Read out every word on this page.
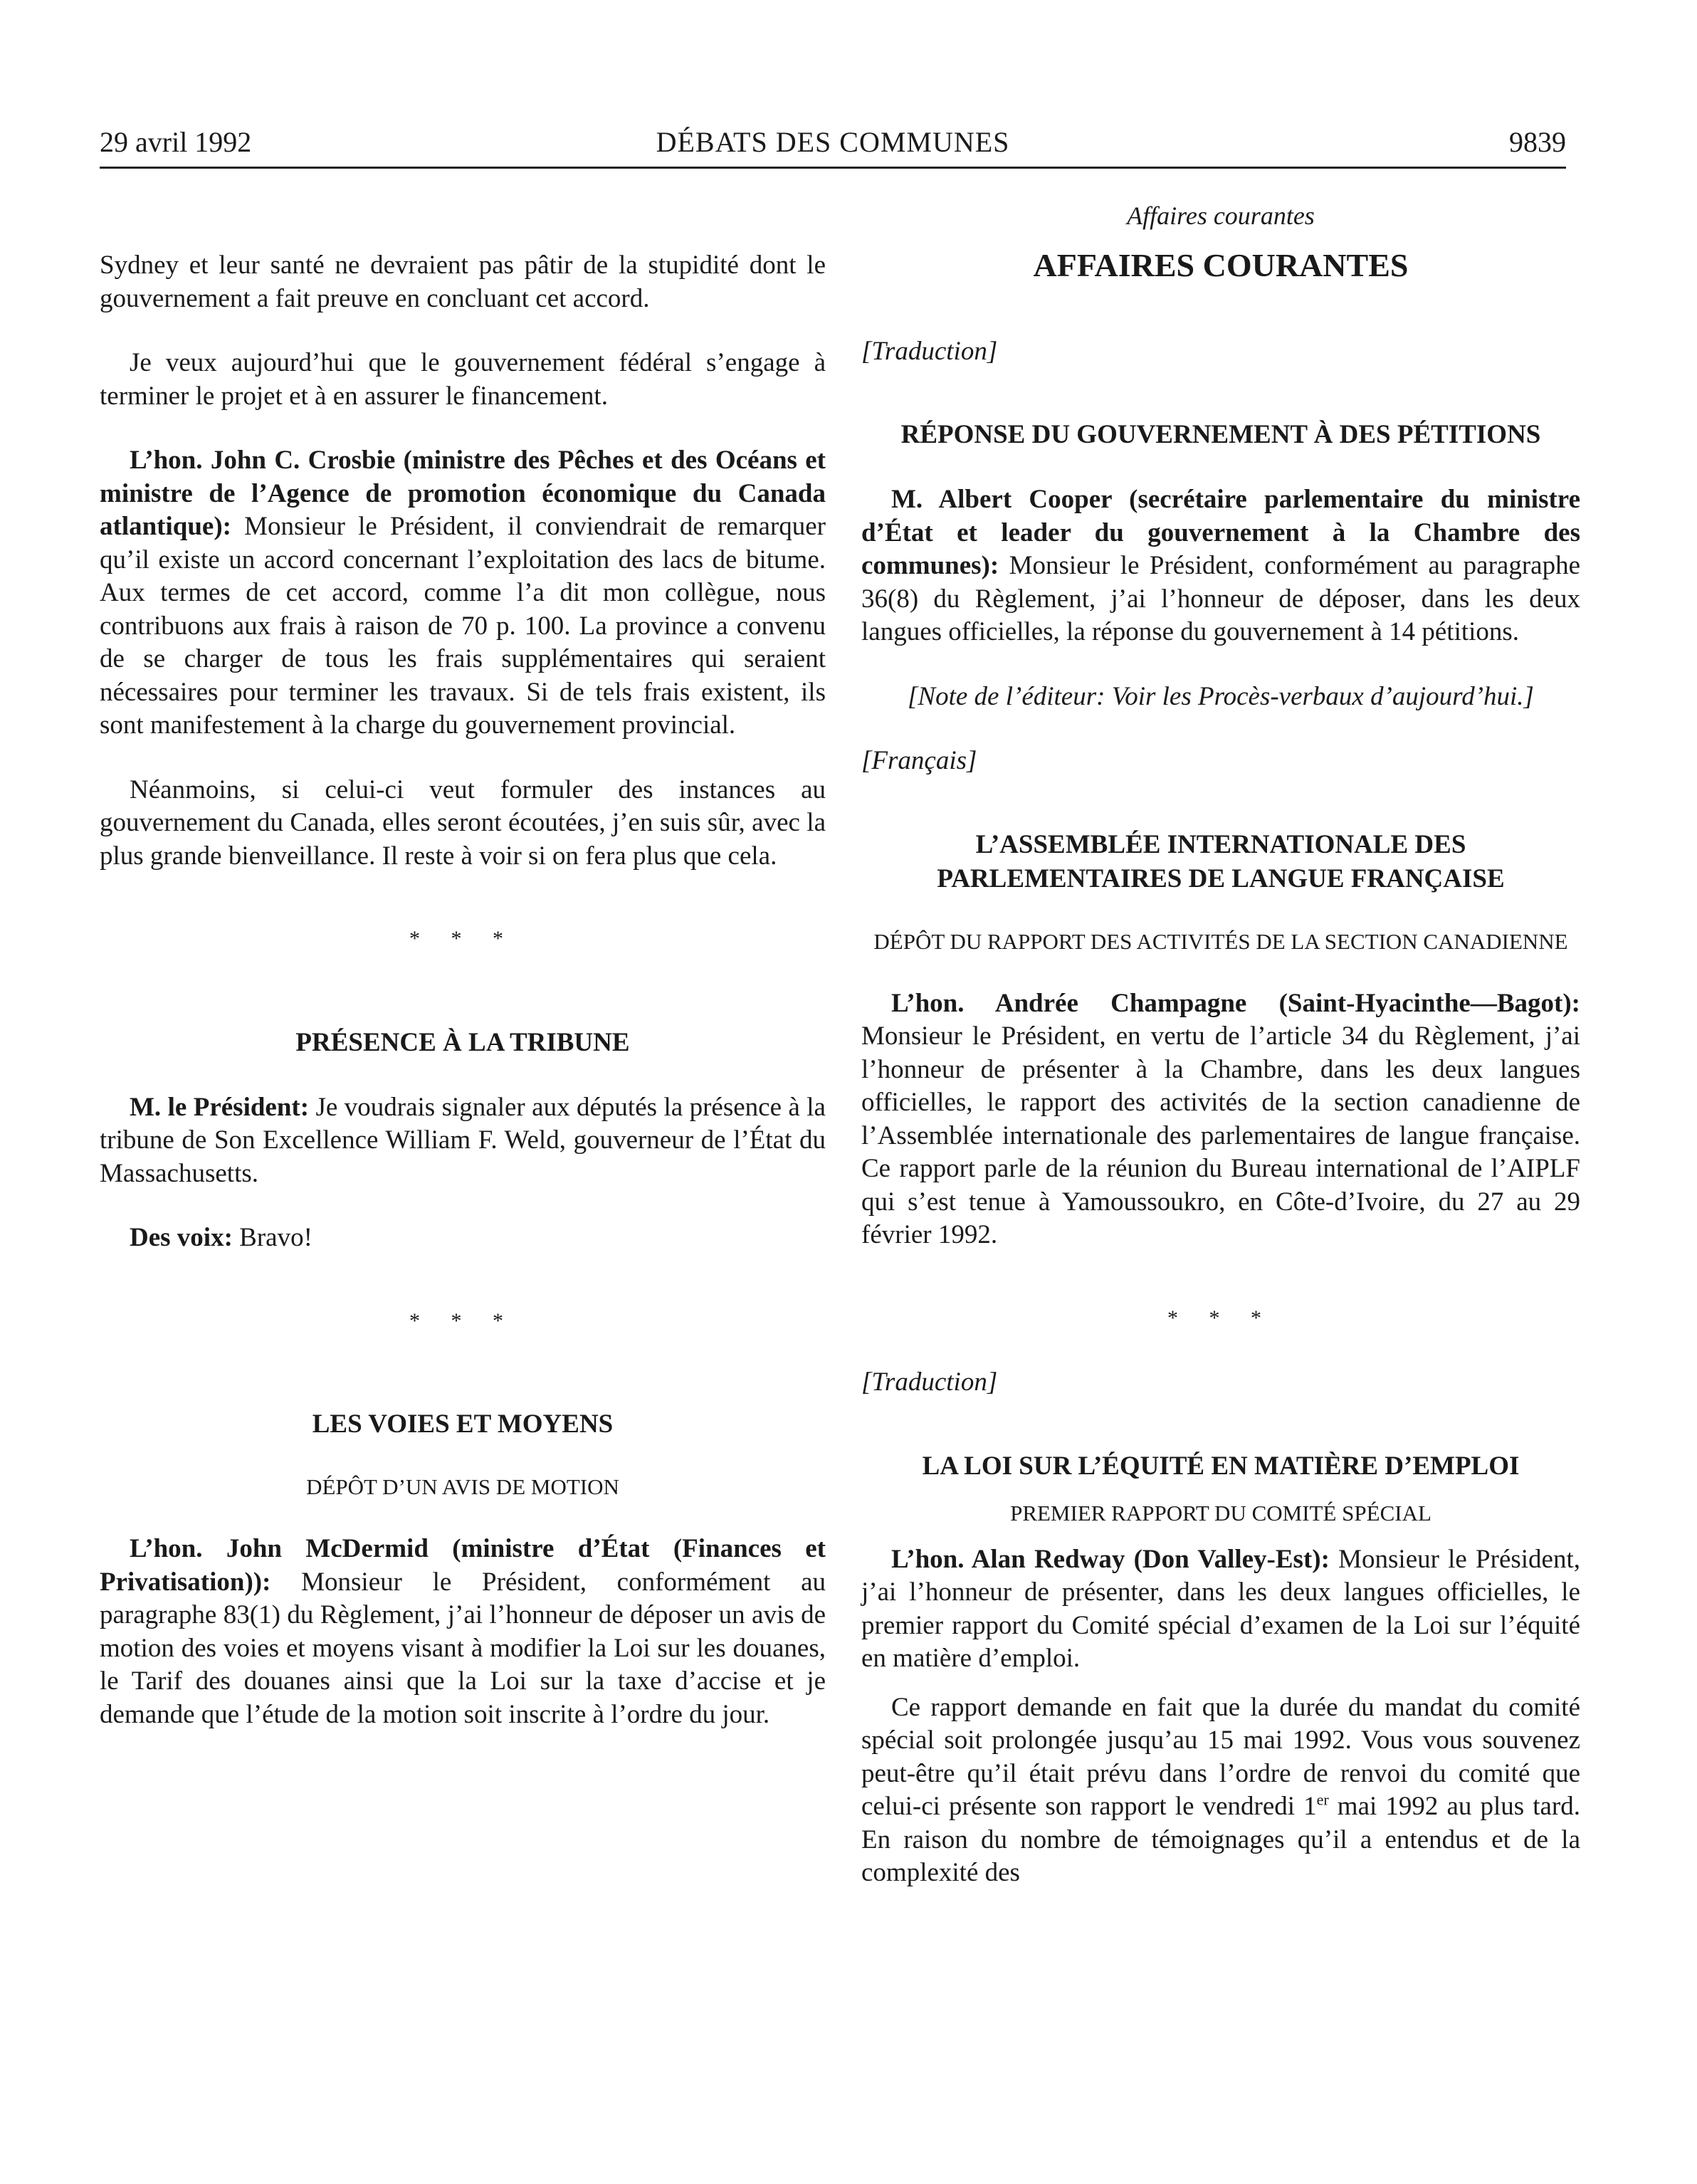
29 avril 1992	DÉBATS DES COMMUNES	9839

Sydney et leur santé ne devraient pas pâtir de la stupidité dont le gouvernement a fait preuve en concluant cet accord.

Je veux aujourd’hui que le gouvernement fédéral s’engage à terminer le projet et à en assurer le financement.

L’hon. John C. Crosbie (ministre des Pêches et des Océans et ministre de l’Agence de promotion économique du Canada atlantique): Monsieur le Président, il conviendrait de remarquer qu’il existe un accord concernant l’exploitation des lacs de bitume. Aux termes de cet accord, comme l’a dit mon collègue, nous contribuons aux frais à raison de 70 p. 100. La province a convenu de se charger de tous les frais supplémentaires qui seraient nécessaires pour terminer les travaux. Si de tels frais existent, ils sont manifestement à la charge du gouvernement provincial.

Néanmoins, si celui-ci veut formuler des instances au gouvernement du Canada, elles seront écoutées, j’en suis sûr, avec la plus grande bienveillance. Il reste à voir si on fera plus que cela.

* * *
PRÉSENCE À LA TRIBUNE

M. le Président: Je voudrais signaler aux députés la présence à la tribune de Son Excellence William F. Weld, gouverneur de l’État du Massachusetts.

Des voix: Bravo!

* * *
LES VOIES ET MOYENS
DÉPÔT D’UN AVIS DE MOTION

L’hon. John McDermid (ministre d’État (Finances et Privatisation)): Monsieur le Président, conformément au paragraphe 83(1) du Règlement, j’ai l’honneur de déposer un avis de motion des voies et moyens visant à modifier la Loi sur les douanes, le Tarif des douanes ainsi que la Loi sur la taxe d’accise et je demande que l’étude de la motion soit inscrite à l’ordre du jour.

Affaires courantes
AFFAIRES COURANTES

[Traduction]

RÉPONSE DU GOUVERNEMENT À DES PÉTITIONS

M. Albert Cooper (secrétaire parlementaire du ministre d’État et leader du gouvernement à la Chambre des communes): Monsieur le Président, conformément au paragraphe 36(8) du Règlement, j’ai l’honneur de déposer, dans les deux langues officielles, la réponse du gouvernement à 14 pétitions.

[Note de l’éditeur: Voir les Procès-verbaux d’aujourd’hui.]

[Français]

L’ASSEMBLÉE INTERNATIONALE DES PARLEMENTAIRES DE LANGUE FRANÇAISE
DÉPÔT DU RAPPORT DES ACTIVITÉS DE LA SECTION CANADIENNE

L’hon. Andrée Champagne (Saint-Hyacinthe—Bagot): Monsieur le Président, en vertu de l’article 34 du Règlement, j’ai l’honneur de présenter à la Chambre, dans les deux langues officielles, le rapport des activités de la section canadienne de l’Assemblée internationale des parlementaires de langue française. Ce rapport parle de la réunion du Bureau international de l’AIPLF qui s’est tenue à Yamoussoukro, en Côte-d’Ivoire, du 27 au 29 février 1992.

* * *

[Traduction]

LA LOI SUR L’ÉQUITÉ EN MATIÈRE D’EMPLOI
PREMIER RAPPORT DU COMITÉ SPÉCIAL

L’hon. Alan Redway (Don Valley-Est): Monsieur le Président, j’ai l’honneur de présenter, dans les deux langues officielles, le premier rapport du Comité spécial d’examen de la Loi sur l’équité en matière d’emploi.

Ce rapport demande en fait que la durée du mandat du comité spécial soit prolongée jusqu’au 15 mai 1992. Vous vous souvenez peut-être qu’il était prévu dans l’ordre de renvoi du comité que celui-ci présente son rapport le vendredi 1er mai 1992 au plus tard. En raison du nombre de témoignages qu’il a entendus et de la complexité des
